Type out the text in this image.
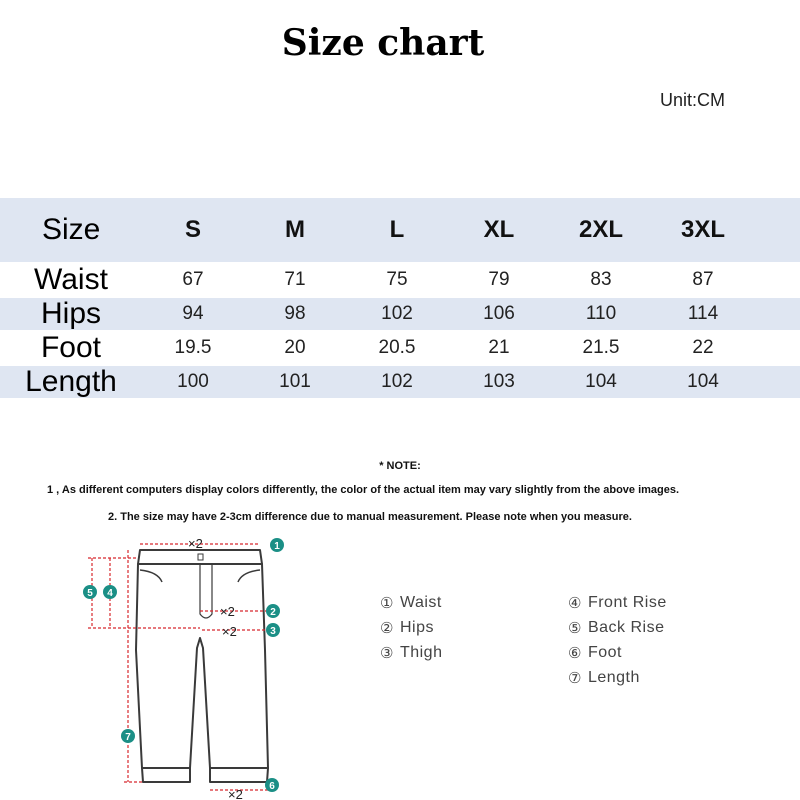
Size chart
Unit:CM
Size	S	M	L	XL	2XL	3XL
Waist	67	71	75	79	83	87
Hips	94	98	102	106	110	114
Foot	19.5	20	20.5	21	21.5	22
Length	100	101	102	103	104	104
* NOTE:
1 , As different computers display colors differently, the color of the actual item may vary slightly from the above images.
2. The size may have 2-3cm difference due to manual measurement. Please note when you measure.
×2
×2
×2
×2
1
2
3
4
5
6
7
① Waist
② Hips
③ Thigh
④ Front Rise
⑤ Back Rise
⑥ Foot
⑦ Length
